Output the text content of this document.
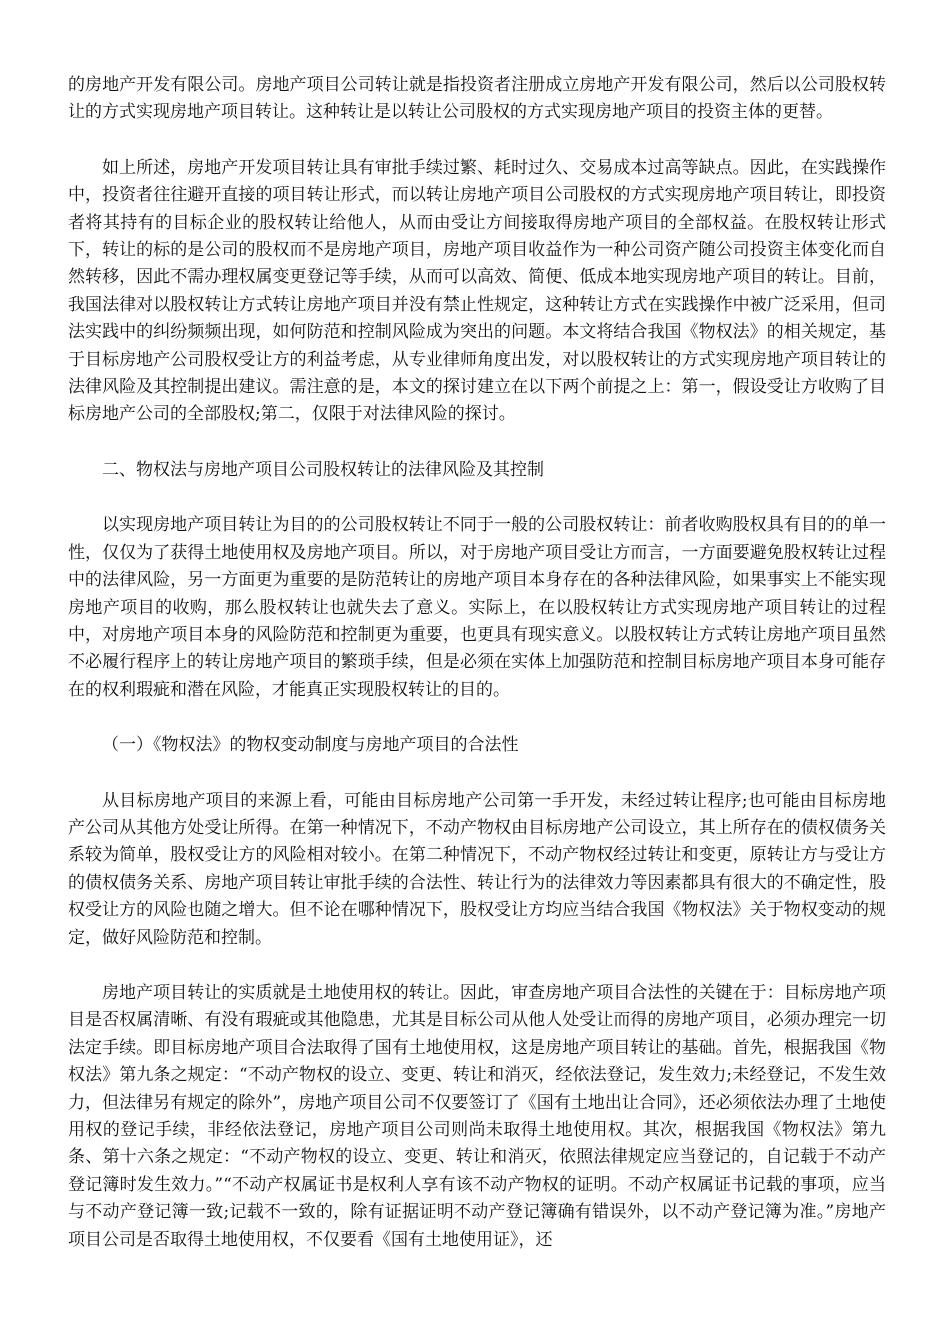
的房地产开发有限公司。房地产项目公司转让就是指投资者注册成立房地产开发有限公司，然后以公司股权转让的方式实现房地产项目转让。这种转让是以转让公司股权的方式实现房地产项目的投资主体的更替。

如上所述，房地产开发项目转让具有审批手续过繁、耗时过久、交易成本过高等缺点。因此，在实践操作中，投资者往往避开直接的项目转让形式，而以转让房地产项目公司股权的方式实现房地产项目转让，即投资者将其持有的目标企业的股权转让给他人，从而由受让方间接取得房地产项目的全部权益。在股权转让形式下，转让的标的是公司的股权而不是房地产项目，房地产项目收益作为一种公司资产随公司投资主体变化而自然转移，因此不需办理权属变更登记等手续，从而可以高效、简便、低成本地实现房地产项目的转让。目前，我国法律对以股权转让方式转让房地产项目并没有禁止性规定，这种转让方式在实践操作中被广泛采用，但司法实践中的纠纷频频出现，如何防范和控制风险成为突出的问题。本文将结合我国《物权法》的相关规定，基于目标房地产公司股权受让方的利益考虑，从专业律师角度出发，对以股权转让的方式实现房地产项目转让的法律风险及其控制提出建议。需注意的是，本文的探讨建立在以下两个前提之上：第一，假设受让方收购了目标房地产公司的全部股权;第二，仅限于对法律风险的探讨。

二、物权法与房地产项目公司股权转让的法律风险及其控制

以实现房地产项目转让为目的的公司股权转让不同于一般的公司股权转让：前者收购股权具有目的的单一性，仅仅为了获得土地使用权及房地产项目。所以，对于房地产项目受让方而言，一方面要避免股权转让过程中的法律风险，另一方面更为重要的是防范转让的房地产项目本身存在的各种法律风险，如果事实上不能实现房地产项目的收购，那么股权转让也就失去了意义。实际上，在以股权转让方式实现房地产项目转让的过程中，对房地产项目本身的风险防范和控制更为重要，也更具有现实意义。以股权转让方式转让房地产项目虽然不必履行程序上的转让房地产项目的繁琐手续，但是必须在实体上加强防范和控制目标房地产项目本身可能存在的权利瑕疵和潜在风险，才能真正实现股权转让的目的。

（一）《物权法》的物权变动制度与房地产项目的合法性

从目标房地产项目的来源上看，可能由目标房地产公司第一手开发，未经过转让程序;也可能由目标房地产公司从其他方处受让所得。在第一种情况下，不动产物权由目标房地产公司设立，其上所存在的债权债务关系较为简单，股权受让方的风险相对较小。在第二种情况下，不动产物权经过转让和变更，原转让方与受让方的债权债务关系、房地产项目转让审批手续的合法性、转让行为的法律效力等因素都具有很大的不确定性，股权受让方的风险也随之增大。但不论在哪种情况下，股权受让方均应当结合我国《物权法》关于物权变动的规定，做好风险防范和控制。

房地产项目转让的实质就是土地使用权的转让。因此，审查房地产项目合法性的关键在于：目标房地产项目是否权属清晰、有没有瑕疵或其他隐患，尤其是目标公司从他人处受让而得的房地产项目，必须办理完一切法定手续。即目标房地产项目合法取得了国有土地使用权，这是房地产项目转让的基础。首先，根据我国《物权法》第九条之规定：“不动产物权的设立、变更、转让和消灭，经依法登记，发生效力;未经登记，不发生效力，但法律另有规定的除外”，房地产项目公司不仅要签订了《国有土地出让合同》，还必须依法办理了土地使用权的登记手续，非经依法登记，房地产项目公司则尚未取得土地使用权。其次，根据我国《物权法》第九条、第十六条之规定：“不动产物权的设立、变更、转让和消灭，依照法律规定应当登记的，自记载于不动产登记簿时发生效力。”“不动产权属证书是权利人享有该不动产物权的证明。不动产权属证书记载的事项，应当与不动产登记簿一致;记载不一致的，除有证据证明不动产登记簿确有错误外，以不动产登记簿为准。”房地产项目公司是否取得土地使用权，不仅要看《国有土地使用证》，还
